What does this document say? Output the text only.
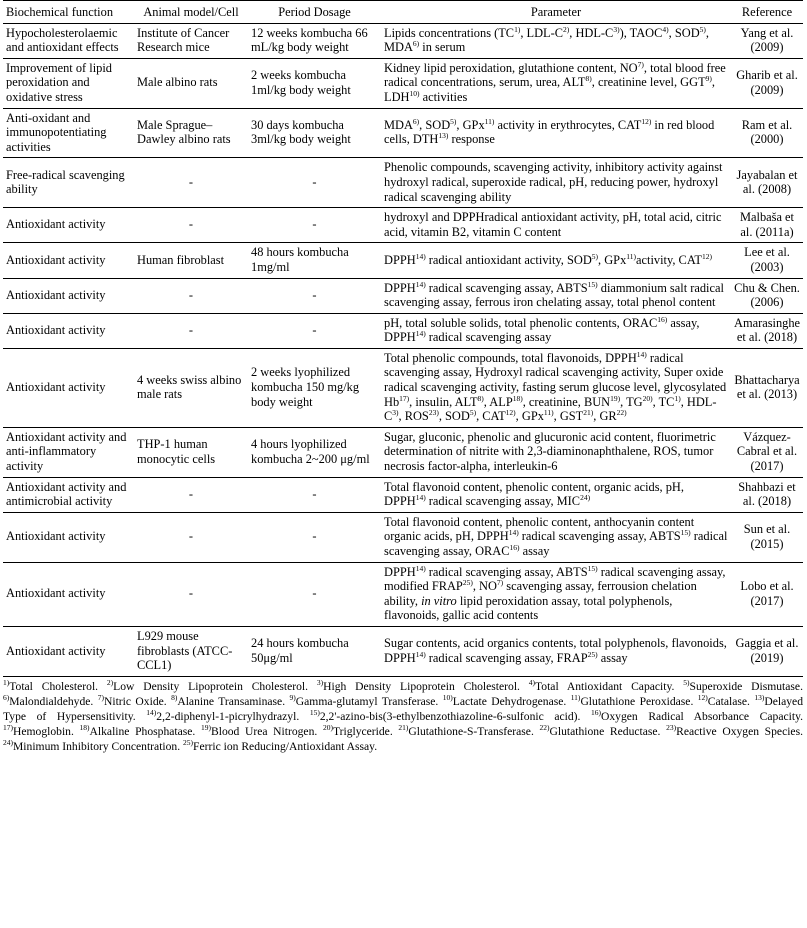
Biochemical function	Animal model/Cell	Period Dosage	Parameter	Reference
Hypocholesterolaemic and antioxidant effects	Institute of Cancer Research mice	12 weeks kombucha 66 mL/kg body weight	Lipids concentrations (TC$^{1)}$, LDL-$C^{2)}$, HDL-$C^{3)}$), TAOC$^{4)}$, SOD$^{5)}$, MDA$^{6)}$ in serum	Yang et al. (2009)
Improvement of lipid peroxidation and oxidative stress	Male albino rats	2 weeks kombucha 1ml/kg body weight	Kidney lipid peroxidation, glutathione content, NO$^{7)}$, total blood free radical concentrations, serum, urea, ALT$^{8)}$, creatinine level, GGT$^{9)}$, LDH$^{10)}$ activities	Gharib et al. (2009)
Anti-oxidant and immunopotentiating activities	Male Sprague–Dawley albino rats	30 days kombucha 3ml/kg body weight	MDA$^{6)}$, SOD$^{5)}$, GPx$^{11)}$ activity in erythrocytes, CAT$^{12)}$ in red blood cells, DTH$^{13)}$ response	Ram et al. (2000)
Free-radical scavenging ability	-	-	Phenolic compounds, scavenging activity, inhibitory activity against hydroxyl radical, superoxide radical, pH, reducing power, hydroxyl radical scavenging ability	Jayabalan et al. (2008)
Antioxidant activity	-	-	hydroxyl and DPPHradical antioxidant activity, pH, total acid, citric acid, vitamin B2, vitamin C content	Malbaša et al. (2011a)
Antioxidant activity	Human fibroblast	48 hours kombucha 1mg/ml	DPPH$^{14)}$ radical antioxidant activity, SOD$^{5)}$, GPx$^{11)}$activity, CAT$^{12)}$	Lee et al. (2003)
Antioxidant activity	-	-	DPPH$^{14)}$ radical scavenging assay, ABTS$^{15)}$ diammonium salt radical scavenging assay, ferrous iron chelating assay, total phenol content	Chu & Chen. (2006)
Antioxidant activity	-	-	pH, total soluble solids, total phenolic contents, ORAC$^{16)}$ assay, DPPH$^{14)}$ radical scavenging assay	Amarasinghe et al. (2018)
Antioxidant activity	4 weeks swiss albino male rats	2 weeks lyophilized kombucha 150 mg/kg body weight	Total phenolic compounds, total flavonoids, DPPH$^{14)}$ radical scavenging assay, Hydroxyl radical scavenging activity, Super oxide radical scavenging activity, fasting serum glucose level, glycosylated Hb$^{17)}$, insulin, ALT$^{8)}$, ALP$^{18)}$, creatinine, BUN$^{19)}$, TG$^{20)}$, TC$^{1)}$, HDL-$C^{3)}$, ROS$^{23)}$, SOD$^{5)}$, CAT$^{12)}$, GPx$^{11)}$, GST$^{21)}$, GR$^{22)}$	Bhattacharya et al. (2013)
Antioxidant activity and anti-inflammatory activity	THP-1 human monocytic cells	4 hours lyophilized kombucha 2~200 μg/ml	Sugar, gluconic, phenolic and glucuronic acid content, fluorimetric determination of nitrite with 2,3-diaminonaphthalene, ROS, tumor necrosis factor-alpha, interleukin-6	Vázquez-Cabral et al. (2017)
Antioxidant activity and antimicrobial activity	-	-	Total flavonoid content, phenolic content, organic acids, pH, DPPH$^{14)}$ radical scavenging assay, MIC$^{24)}$	Shahbazi et al. (2018)
Antioxidant activity	-	-	Total flavonoid content, phenolic content, anthocyanin content organic acids, pH, DPPH$^{14)}$ radical scavenging assay, ABTS$^{15)}$ radical scavenging assay, ORAC$^{16)}$ assay	Sun et al. (2015)
Antioxidant activity	-	-	DPPH$^{14)}$ radical scavenging assay, ABTS$^{15)}$ radical scavenging assay, modified FRAP$^{25)}$, NO$^{7)}$ scavenging assay, ferrousion chelation ability, in vitro lipid peroxidation assay, total polyphenols, flavonoids, gallic acid contents	Lobo et al. (2017)
Antioxidant activity	L929 mouse fibroblasts (ATCC-CCL1)	24 hours kombucha 50μg/ml	Sugar contents, acid organics contents, total polyphenols, flavonoids, DPPH$^{14)}$ radical scavenging assay, FRAP$^{25)}$ assay	Gaggia et al. (2019)
$^{1)}$Total Cholesterol. $^{2)}$Low Density Lipoprotein Cholesterol. $^{3)}$High Density Lipoprotein Cholesterol. $^{4)}$Total Antioxidant Capacity. $^{5)}$Superoxide Dismutase. $^{6)}$Malondialdehyde. $^{7)}$Nitric Oxide. $^{8)}$Alanine Transaminase. $^{9)}$Gamma-glutamyl Transferase. $^{10)}$Lactate Dehydrogenase. $^{11)}$Glutathione Peroxidase. $^{12)}$Catalase. $^{13)}$Delayed Type of Hypersensitivity. $^{14)}$2,2-diphenyl-1-picrylhydrazyl. $^{15)}$2,2'-azino-bis(3-ethylbenzothiazoline-6-sulfonic acid). $^{16)}$Oxygen Radical Absorbance Capacity. $^{17)}$Hemoglobin. $^{18)}$Alkaline Phosphatase. $^{19)}$Blood Urea Nitrogen. $^{20)}$Triglyceride. $^{21)}$Glutathione-S-Transferase. $^{22)}$Glutathione Reductase. $^{23)}$Reactive Oxygen Species. $^{24)}$Minimum Inhibitory Concentration. $^{25)}$Ferric ion Reducing/Antioxidant Assay.
